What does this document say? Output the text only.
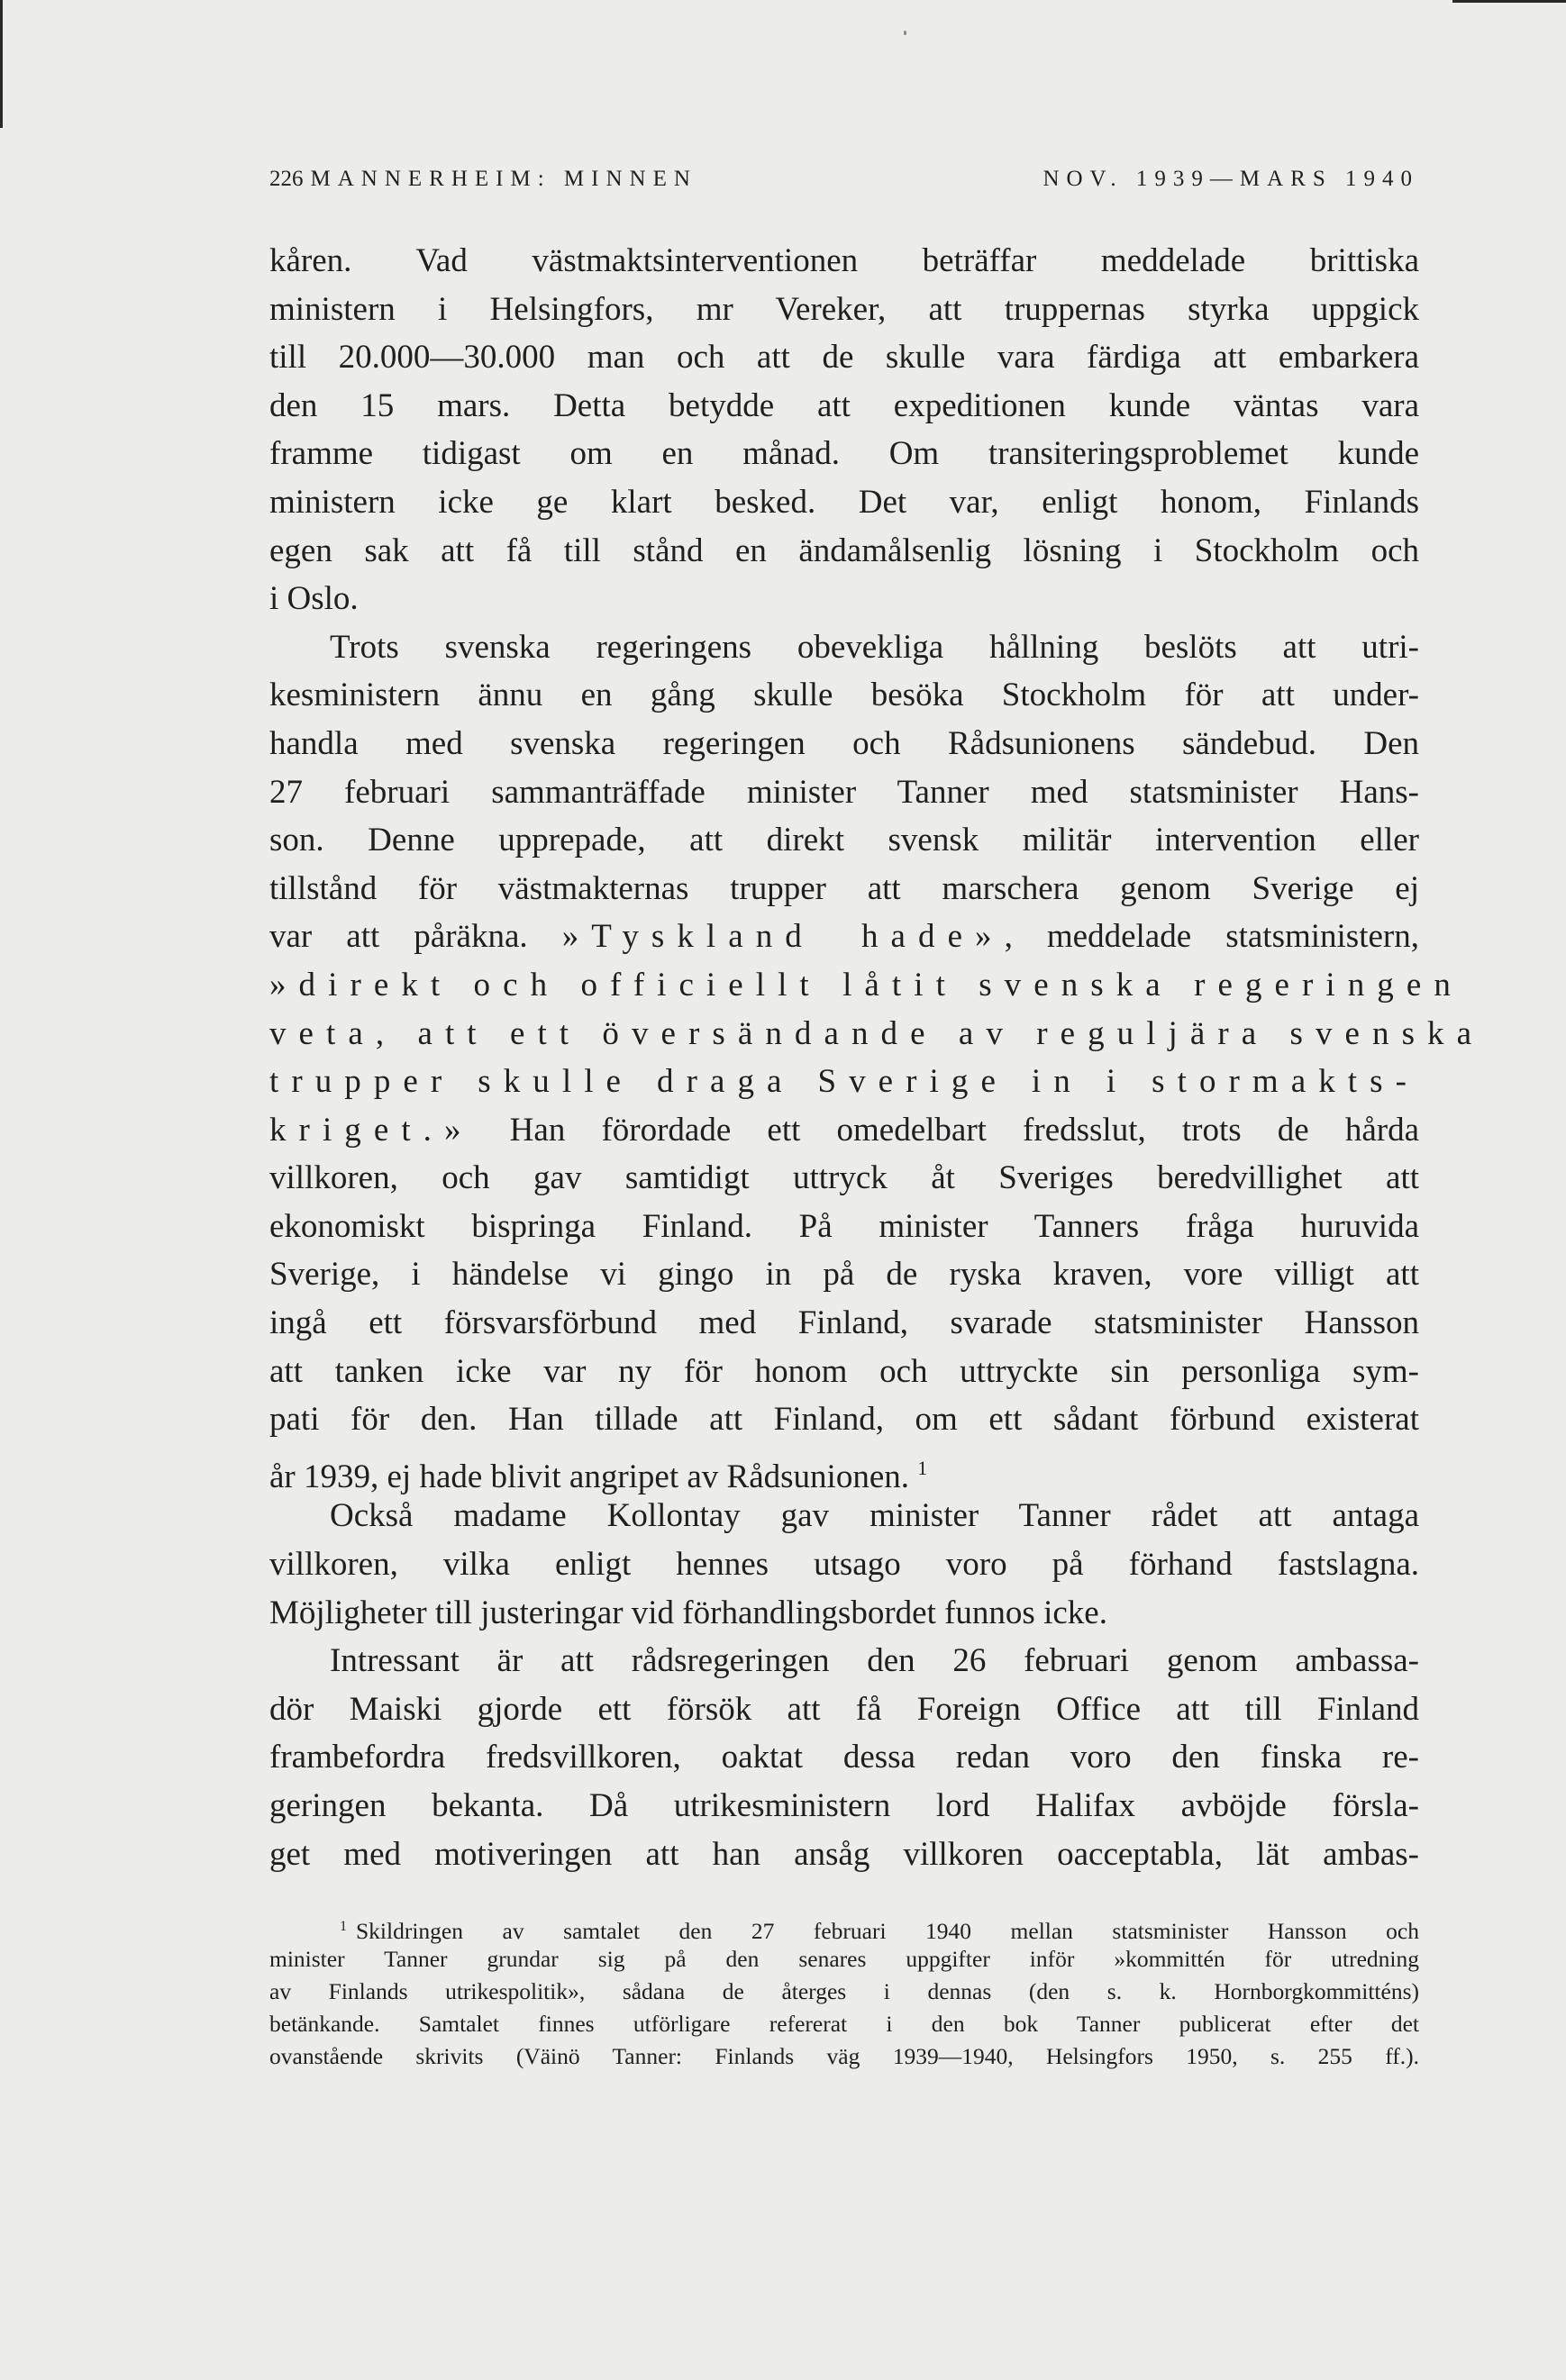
226 MANNERHEIM: MINNEN	NOV. 1939—MARS 1940
kåren. Vad västmaktsinterventionen beträffar meddelade brittiska
ministern i Helsingfors, mr Vereker, att truppernas styrka uppgick
till 20.000—30.000 man och att de skulle vara färdiga att embarkera
den 15 mars. Detta betydde att expeditionen kunde väntas vara
framme tidigast om en månad. Om transiteringsproblemet kunde
ministern icke ge klart besked. Det var, enligt honom, Finlands
egen sak att få till stånd en ändamålsenlig lösning i Stockholm och
i Oslo.
Trots svenska regeringens obevekliga hållning beslöts att utri-
kesministern ännu en gång skulle besöka Stockholm för att under-
handla med svenska regeringen och Rådsunionens sändebud. Den
27 februari sammanträffade minister Tanner med statsminister Hans-
son. Denne upprepade, att direkt svensk militär intervention eller
tillstånd för västmakternas trupper att marschera genom Sverige ej
var att påräkna. »Tyskland hade», meddelade statsministern,
»direkt och officiellt låtit svenska regeringen
veta, att ett översändande av reguljära svenska
trupper skulle draga Sverige in i stormakts-
kriget.» Han förordade ett omedelbart fredsslut, trots de hårda
villkoren, och gav samtidigt uttryck åt Sveriges beredvillighet att
ekonomiskt bispringa Finland. På minister Tanners fråga huruvida
Sverige, i händelse vi gingo in på de ryska kraven, vore villigt att
ingå ett försvarsförbund med Finland, svarade statsminister Hansson
att tanken icke var ny för honom och uttryckte sin personliga sym-
pati för den. Han tillade att Finland, om ett sådant förbund existerat
år 1939, ej hade blivit angripet av Rådsunionen. $^1$
Också madame Kollontay gav minister Tanner rådet att antaga
villkoren, vilka enligt hennes utsago voro på förhand fastslagna.
Möjligheter till justeringar vid förhandlingsbordet funnos icke.
Intressant är att rådsregeringen den 26 februari genom ambassa-
dör Maiski gjorde ett försök att få Foreign Office att till Finland
frambefordra fredsvillkoren, oaktat dessa redan voro den finska re-
geringen bekanta. Då utrikesministern lord Halifax avböjde försla-
get med motiveringen att han ansåg villkoren oacceptabla, lät ambas-
$^1$ Skildringen av samtalet den 27 februari 1940 mellan statsminister Hansson och
minister Tanner grundar sig på den senares uppgifter inför »kommittén för utredning
av Finlands utrikespolitik», sådana de återges i dennas (den s. k. Hornborgkommitténs)
betänkande. Samtalet finnes utförligare refererat i den bok Tanner publicerat efter det
ovanstående skrivits (Väinö Tanner: Finlands väg 1939—1940, Helsingfors 1950, s. 255 ff.).
